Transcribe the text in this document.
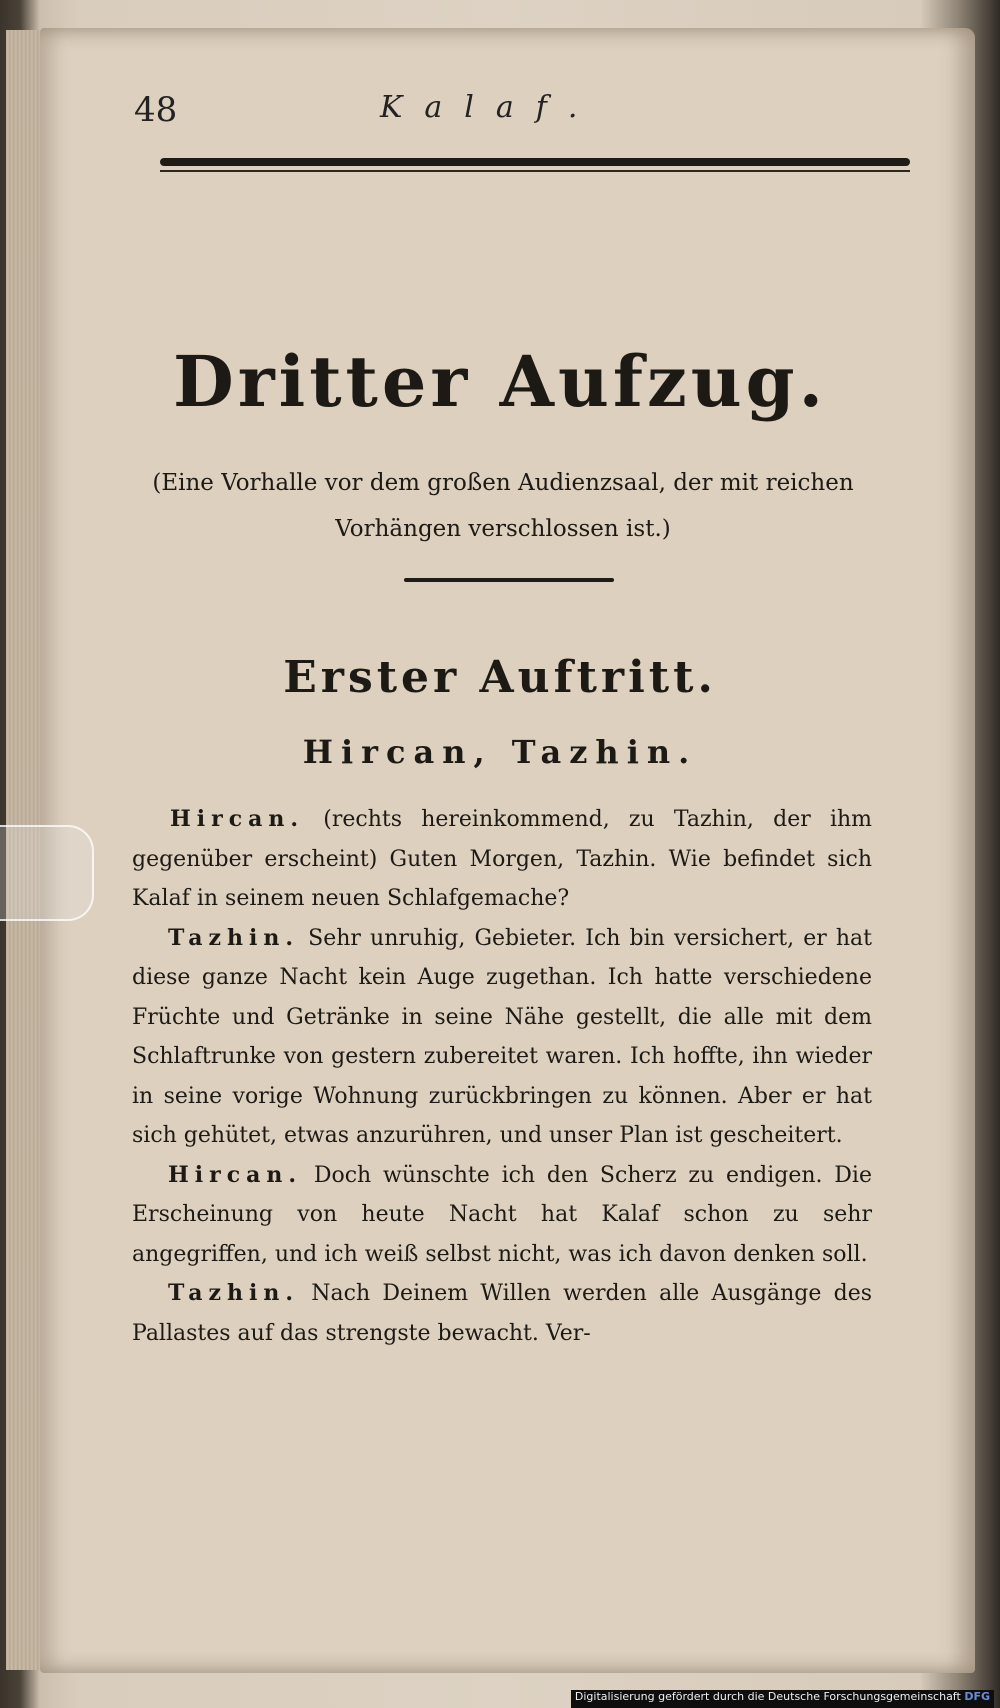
48	Kalaf.
Dritter Aufzug.
(Eine Vorhalle vor dem großen Audienzsaal, der mit reichen Vorhängen verschlossen ist.)
Erster Auftritt.
Hircan, Tazhin.

Hircan. (rechts hereinkommend, zu Tazhin, der ihm gegenüber erscheint) Guten Morgen, Tazhin. Wie befindet sich Kalaf in seinem neuen Schlafgemache?

Tazhin. Sehr unruhig, Gebieter. Ich bin versichert, er hat diese ganze Nacht kein Auge zugethan. Ich hatte verschiedene Früchte und Getränke in seine Nähe gestellt, die alle mit dem Schlaftrunke von gestern zubereitet waren. Ich hoffte, ihn wieder in seine vorige Wohnung zurückbringen zu können. Aber er hat sich gehütet, etwas anzurühren, und unser Plan ist gescheitert.

Hircan. Doch wünschte ich den Scherz zu endigen. Die Erscheinung von heute Nacht hat Kalaf schon zu sehr angegriffen, und ich weiß selbst nicht, was ich davon denken soll.

Tazhin. Nach Deinem Willen werden alle Ausgänge des Pallastes auf das strengste bewacht. Ver-

Digitalisierung gefördert durch die Deutsche Forschungsgemeinschaft DFG
